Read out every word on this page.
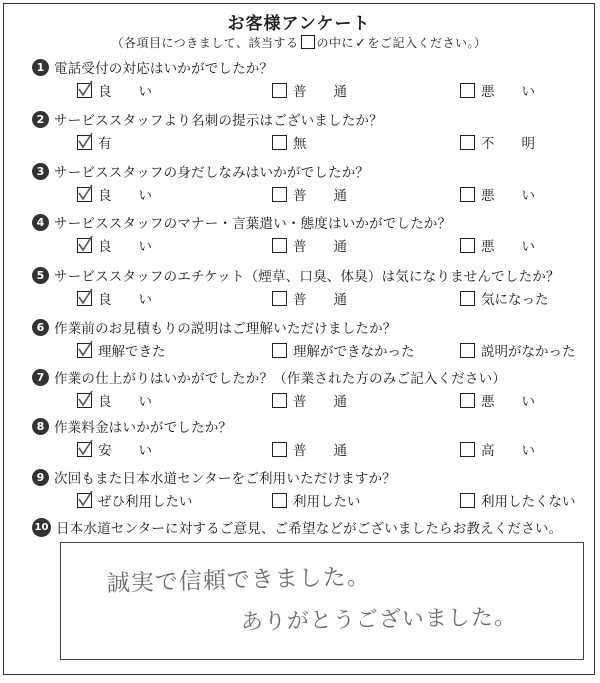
お客様アンケート
（各項目につきまして、該当する の中に✓をご記入ください。）
1 電話受付の対応はいかがでしたか？
良　　い	普　　通	悪　　い
2 サービススタッフより名刺の提示はございましたか？
有	無	不　　明
3 サービススタッフの身だしなみはいかがでしたか？
良　　い	普　　通	悪　　い
4 サービススタッフのマナー・言葉遣い・態度はいかがでしたか？
良　　い	普　　通	悪　　い
5 サービススタッフのエチケット（煙草、口臭、体臭）は気になりませんでしたか？
良　　い	普　　通	気になった
6 作業前のお見積もりの説明はご理解いただけましたか？
理解できた	理解ができなかった	説明がなかった
7 作業の仕上がりはいかがでしたか？（作業された方のみご記入ください）
良　　い	普　　通	悪　　い
8 作業料金はいかがでしたか？
安　　い	普　　通	高　　い
9 次回もまた日本水道センターをご利用いただけますか？
ぜひ利用したい	利用したい	利用したくない
10 日本水道センターに対するご意見、ご希望などがございましたらお教えください。
誠実で信頼できました。
ありがとうございました。
